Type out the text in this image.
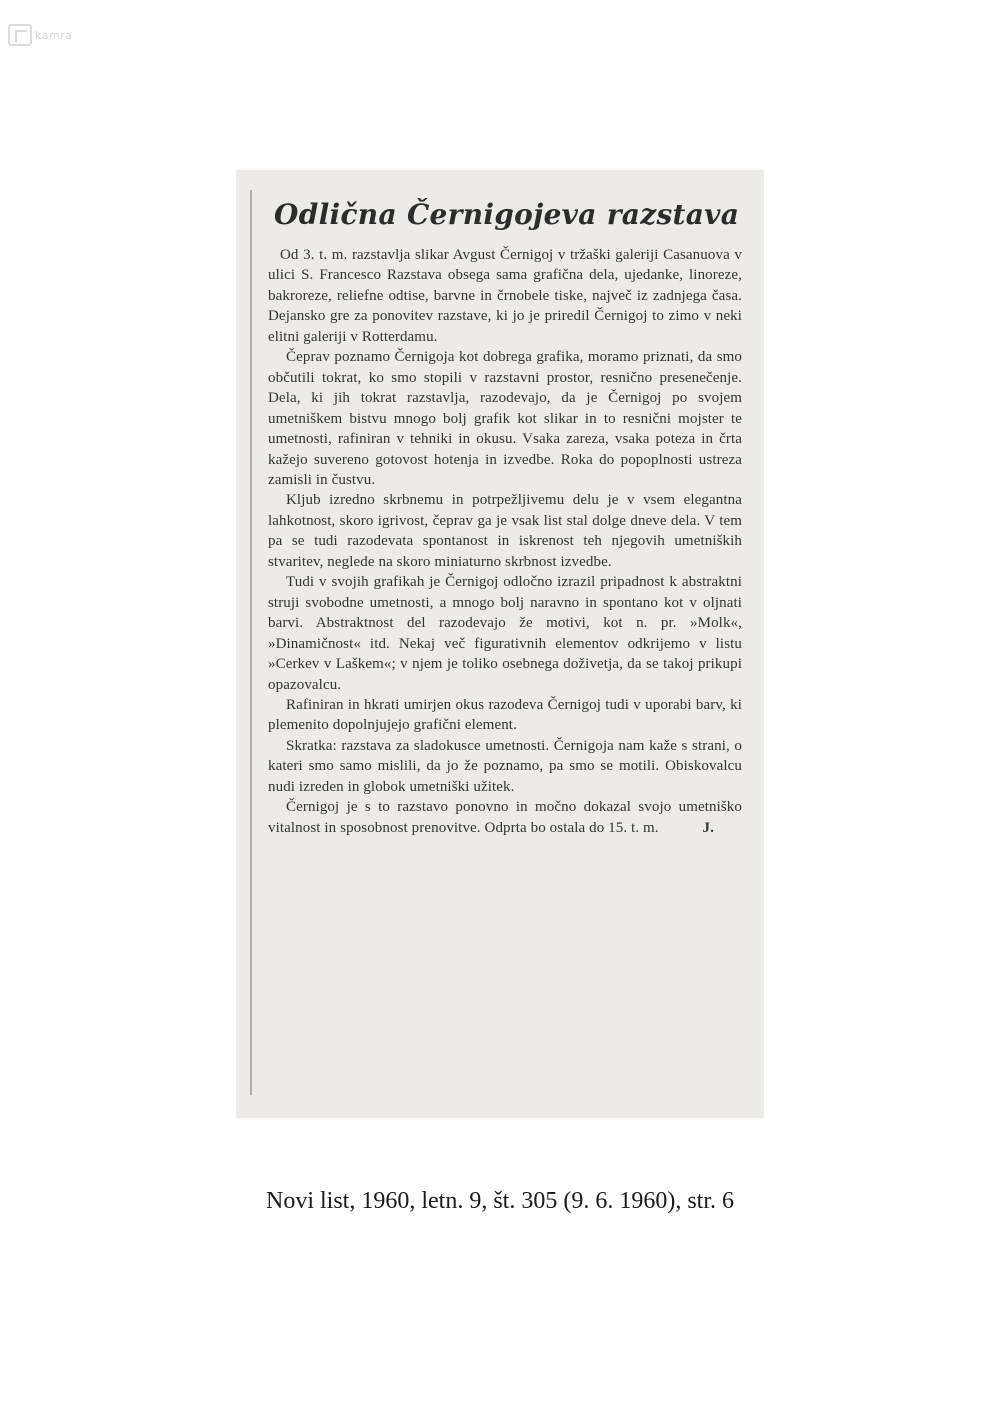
kamra
Odlična Černigojeva razstava

Od 3. t. m. razstavlja slikar Avgust Černigoj v tržaški galeriji Casanuova v ulici S. Francesco Razstava obsega sama grafična dela, ujedanke, linoreze, bakroreze, reliefne odtise, barvne in črnobele tiske, največ iz zadnjega časa. Dejansko gre za ponovitev razstave, ki jo je priredil Černigoj to zimo v neki elitni galeriji v Rotterdamu.

Čeprav poznamo Černigoja kot dobrega grafika, moramo priznati, da smo občutili tokrat, ko smo stopili v razstavni prostor, resnično presenečenje. Dela, ki jih tokrat razstavlja, razodevajo, da je Černigoj po svojem umetniškem bistvu mnogo bolj grafik kot slikar in to resnični mojster te umetnosti, rafiniran v tehniki in okusu. Vsaka zareza, vsaka poteza in črta kažejo suvereno gotovost hotenja in izvedbe. Roka do popoplnosti ustreza zamisli in čustvu.

Kljub izredno skrbnemu in potrpežljivemu delu je v vsem elegantna lahkotnost, skoro igrivost, čeprav ga je vsak list stal dolge dneve dela. V tem pa se tudi razodevata spontanost in iskrenost teh njegovih umetniških stvaritev, neglede na skoro miniaturno skrbnost izvedbe.

Tudi v svojih grafikah je Černigoj odločno izrazil pripadnost k abstraktni struji svobodne umetnosti, a mnogo bolj naravno in spontano kot v oljnati barvi. Abstraktnost del razodevajo že motivi, kot n. pr. »Molk«, »Dinamičnost« itd. Nekaj več figurativnih elementov odkrijemo v listu »Cerkev v Laškem«; v njem je toliko osebnega doživetja, da se takoj prikupi opazovalcu.

Rafiniran in hkrati umirjen okus razodeva Černigoj tudi v uporabi barv, ki plemenito dopolnjujejo grafični element.

Skratka: razstava za sladokusce umetnosti. Černigoja nam kaže s strani, o kateri smo samo mislili, da jo že poznamo, pa smo se motili. Obiskovalcu nudi izreden in globok umetniški užitek.

Černigoj je s to razstavo ponovno in močno dokazal svojo umetniško vitalnost in sposobnost prenovitve. Odprta bo ostala do 15. t. m.	J.

Novi list, 1960, letn. 9, št. 305 (9. 6. 1960), str. 6
